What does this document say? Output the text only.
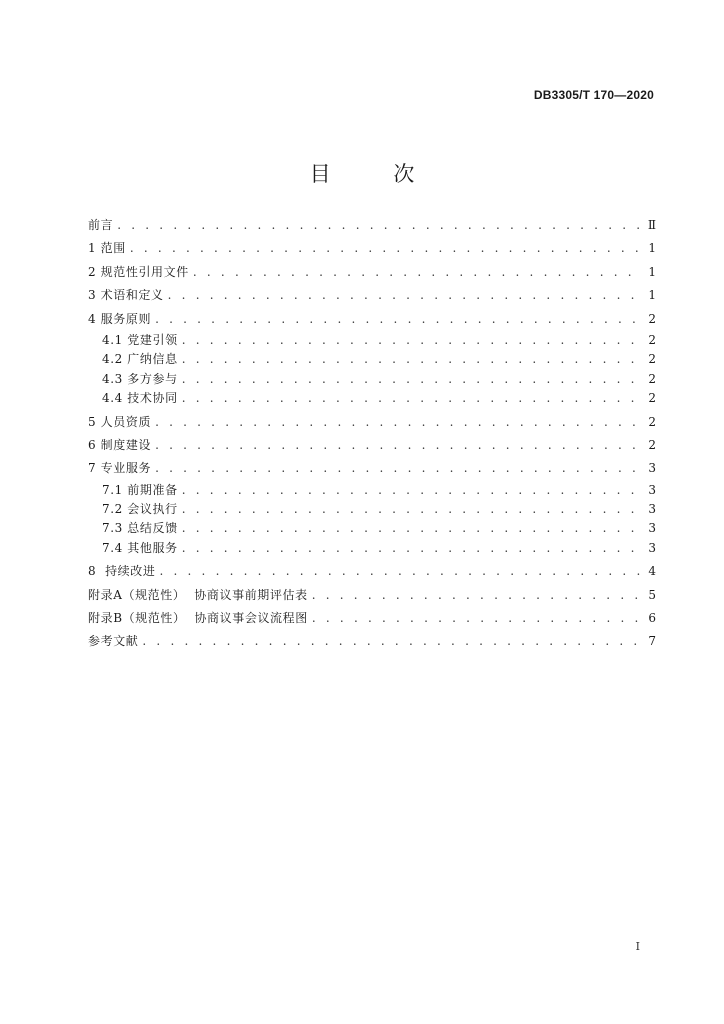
DB3305/T 170—2020
目 次
前言 . . .	Ⅱ
1 范围 . . .	1
2 规范性引用文件 . . .	1
3 术语和定义 . . .	1
4 服务原则 . . .	2
4.1 党建引领 . . .	2
4.2 广纳信息 . . .	2
4.3 多方参与 . . .	2
4.4 技术协同 . . .	2
5 人员资质 . . .	2
6 制度建设 . . .	2
7 专业服务 . . .	3
7.1 前期准备 . . .	3
7.2 会议执行 . . .	3
7.3 总结反馈 . . .	3
7.4 其他服务 . . .	3
8  持续改进 . . .	4
附录A（规范性）  协商议事前期评估表 . . .	5
附录B（规范性）  协商议事会议流程图 . . .	6
参考文献 . . .	7
I
